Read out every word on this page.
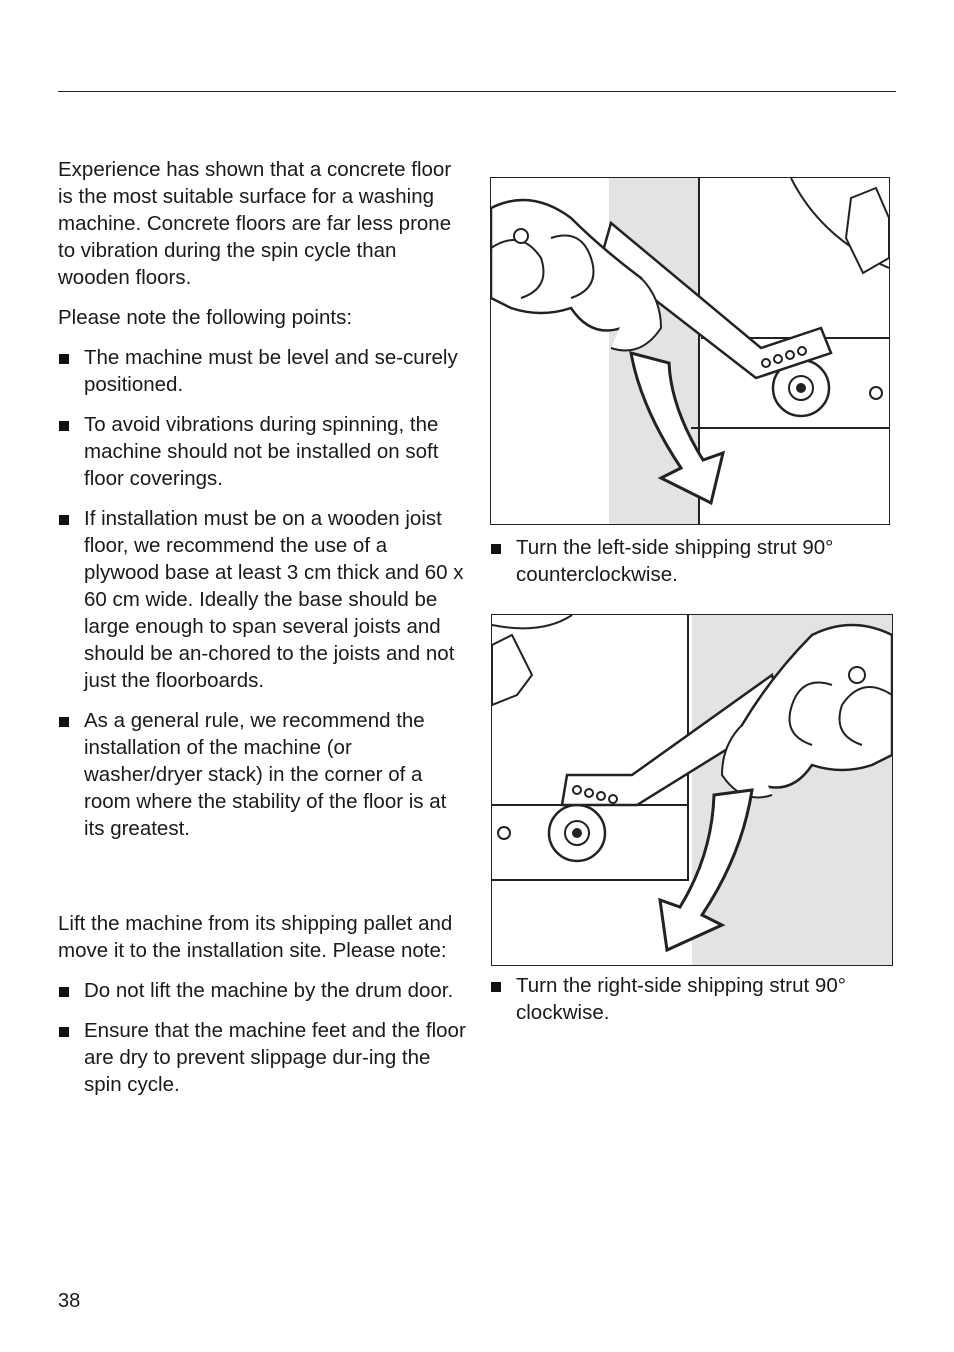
Experience has shown that a concrete floor is the most suitable surface for a washing machine. Concrete floors are far less prone to vibration during the spin cycle than wooden floors.

Please note the following points:

The machine must be level and se-curely positioned.
To avoid vibrations during spinning, the machine should not be installed on soft floor coverings.
If installation must be on a wooden joist floor, we recommend the use of a plywood base at least 3 cm thick and 60 x 60 cm wide. Ideally the base should be large enough to span several joists and should be an-chored to the joists and not just the floorboards.
As a general rule, we recommend the installation of the machine (or washer/dryer stack) in the corner of a room where the stability of the floor is at its greatest.

Lift the machine from its shipping pallet and move it to the installation site. Please note:

Do not lift the machine by the drum door.
Ensure that the machine feet and the floor are dry to prevent slippage dur-ing the spin cycle.
Turn the left-side shipping strut 90° counterclockwise.
Turn the right-side shipping strut 90° clockwise.
38
